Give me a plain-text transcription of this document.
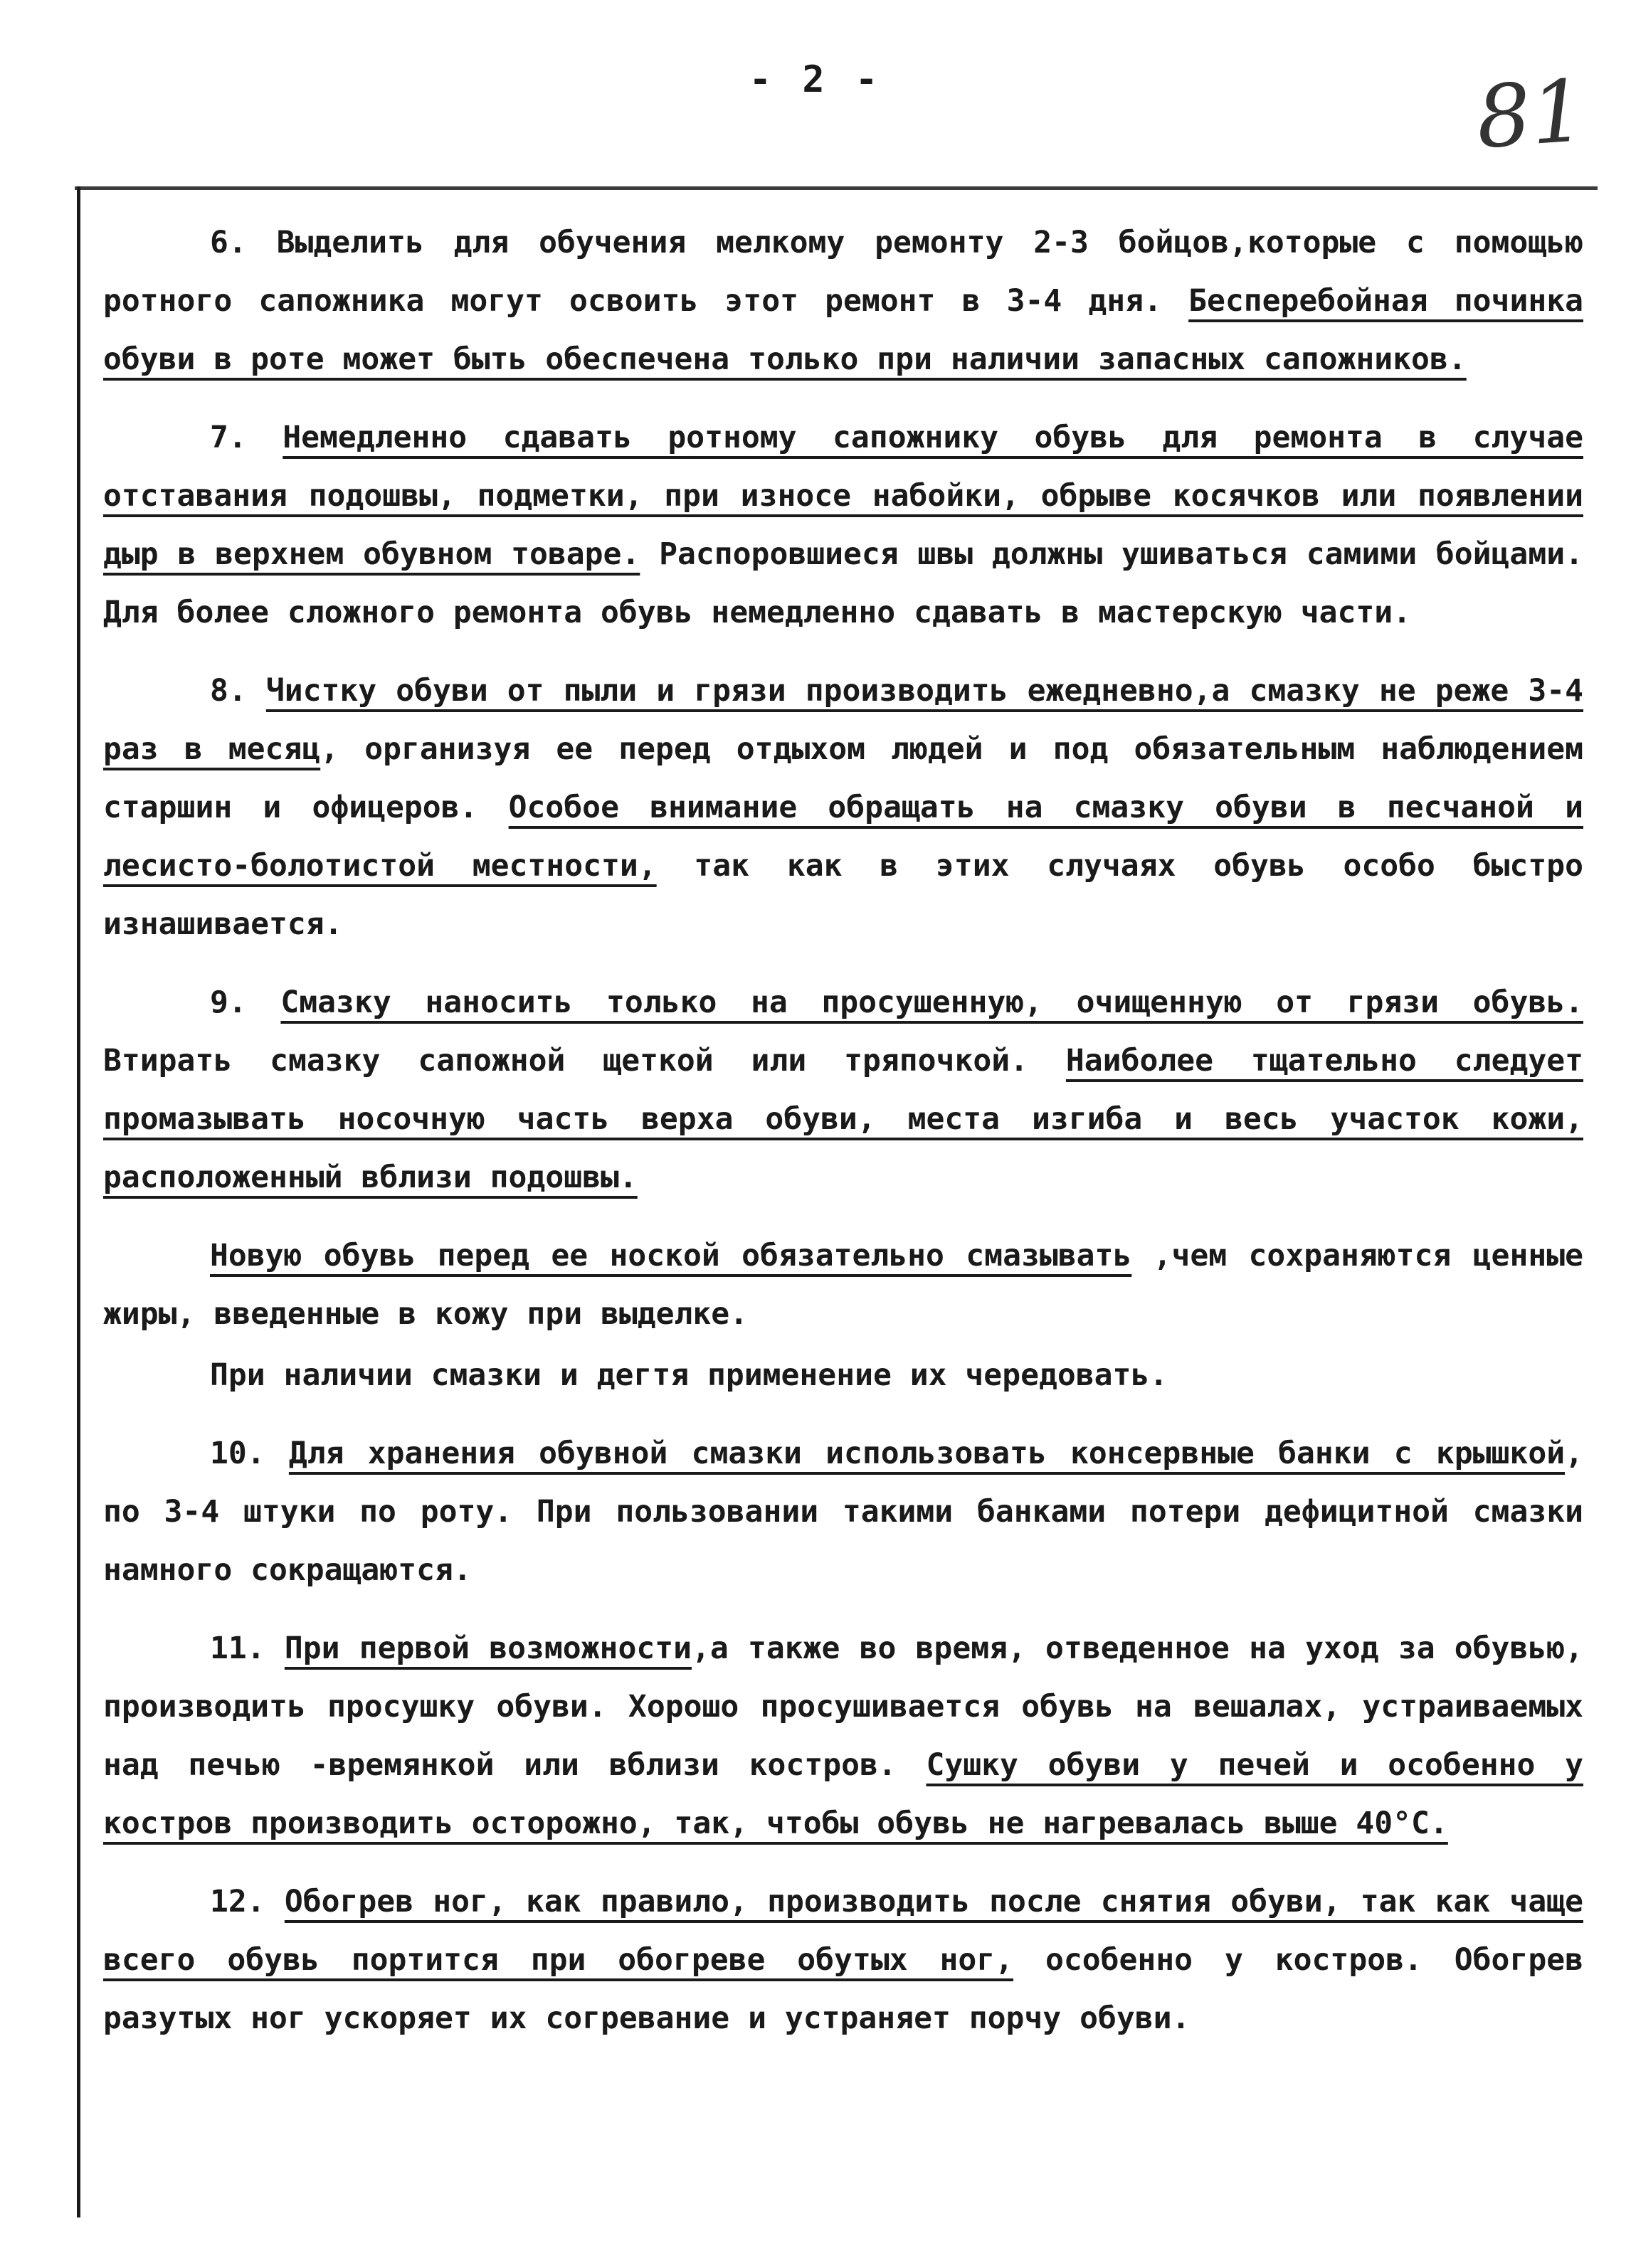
- 2 -	81

6. Выделить для обучения мелкому ремонту 2-3 бойцов,которые с помощью ротного сапожника могут освоить этот ремонт в 3-4 дня. Бесперебойная починка обуви в роте может быть обеспечена только при наличии запасных сапожников.

7. Немедленно сдавать ротному сапожнику обувь для ремонта в случае отставания подошвы, подметки, при износе набойки, обрыве косячков или появлении дыр в верхнем обувном товаре. Распоровшиеся швы должны ушиваться самими бойцами. Для более сложного ремонта обувь немедленно сдавать в мастерскую части.

8. Чистку обуви от пыли и грязи производить ежедневно,а смазку не реже 3-4 раз в месяц, организуя ее перед отдыхом людей и под обязательным наблюдением старшин и офицеров. Особое внимание обращать на смазку обуви в песчаной и лесисто-болотистой местности, так как в этих случаях обувь особо быстро изнашивается.

9. Смазку наносить только на просушенную, очищенную от грязи обувь. Втирать смазку сапожной щеткой или тряпочкой. Наиболее тщательно следует промазывать носочную часть верха обуви, места изгиба и весь участок кожи, расположенный вблизи подошвы.

Новую обувь перед ее ноской обязательно смазывать ,чем сохраняются ценные жиры, введенные в кожу при выделке.

При наличии смазки и дегтя применение их чередовать.

10. Для хранения обувной смазки использовать консервные банки с крышкой, по 3-4 штуки по роту. При пользовании такими банками потери дефицитной смазки намного сокращаются.

11. При первой возможности,а также во время, отведенное на уход за обувью, производить просушку обуви. Хорошо просушивается обувь на вешалах, устраиваемых над печью -времянкой или вблизи костров. Сушку обуви у печей и особенно у костров производить осторожно, так, чтобы обувь не нагревалась выше 40°С.

12. Обогрев ног, как правило, производить после снятия обуви, так как чаще всего обувь портится при обогреве обутых ног, особенно у костров. Обогрев разутых ног ускоряет их согревание и устраняет порчу обуви.
